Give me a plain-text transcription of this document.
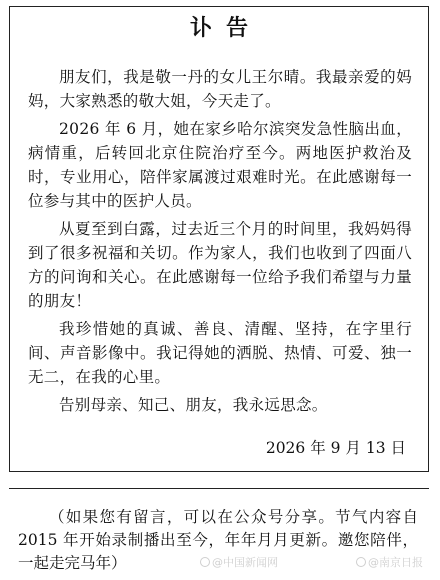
讣告

朋友们，我是敬一丹的女儿王尔晴。我最亲爱的妈妈，大家熟悉的敬大姐，今天走了。

2026 年 6 月，她在家乡哈尔滨突发急性脑出血，病情重，后转回北京住院治疗至今。两地医护救治及时，专业用心，陪伴家属渡过艰难时光。在此感谢每一位参与其中的医护人员。

从夏至到白露，过去近三个月的时间里，我妈妈得到了很多祝福和关切。作为家人，我们也收到了四面八方的问询和关心。在此感谢每一位给予我们希望与力量的朋友！

我珍惜她的真诚、善良、清醒、坚持，在字里行间、声音影像中。我记得她的洒脱、热情、可爱、独一无二，在我的心里。

告别母亲、知己、朋友，我永远思念。

2026 年 9 月 13 日
（如果您有留言，可以在公众号分享。节气内容自 2015 年开始录制播出至今，年年月月更新。邀您陪伴，一起走完马年）	@中国新闻网	@南京日报
